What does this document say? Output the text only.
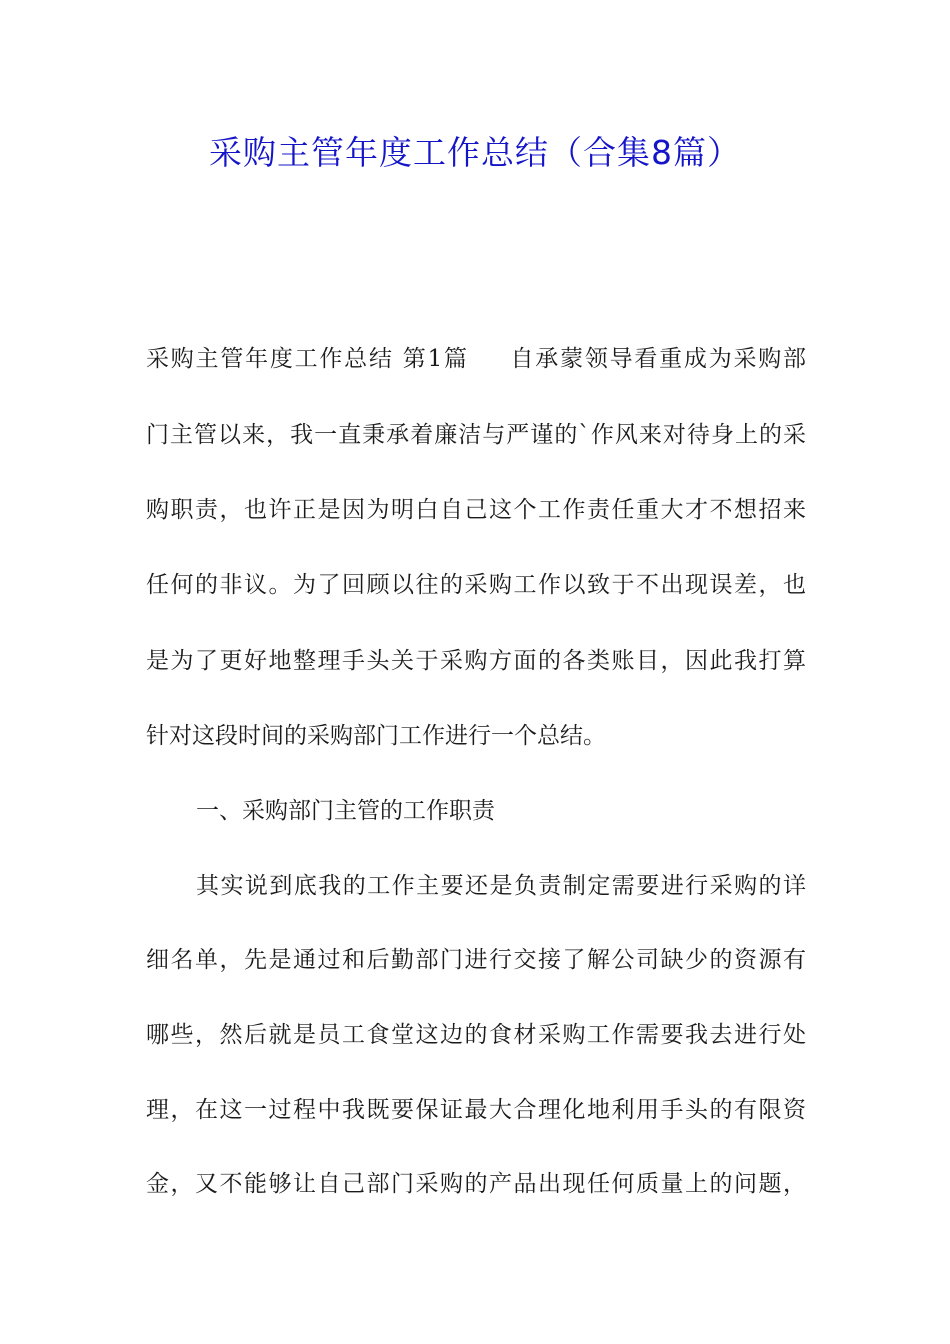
采购主管年度工作总结（合集8篇）

采购主管年度工作总结 第1篇 自承蒙领导看重成为采购部

门主管以来，我一直秉承着廉洁与严谨的`作风来对待身上的采

购职责，也许正是因为明白自己这个工作责任重大才不想招来

任何的非议。为了回顾以往的采购工作以致于不出现误差，也

是为了更好地整理手头关于采购方面的各类账目，因此我打算

针对这段时间的采购部门工作进行一个总结。

一、采购部门主管的工作职责

其实说到底我的工作主要还是负责制定需要进行采购的详

细名单，先是通过和后勤部门进行交接了解公司缺少的资源有

哪些，然后就是员工食堂这边的食材采购工作需要我去进行处

理，在这一过程中我既要保证最大合理化地利用手头的有限资

金，又不能够让自己部门采购的产品出现任何质量上的问题，
